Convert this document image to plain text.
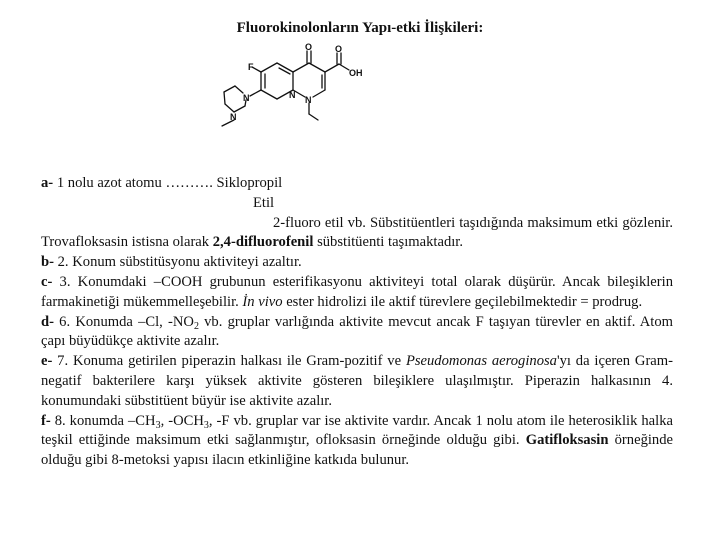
Fluorokinolonların Yapı-etki İlişkileri:
F
O	O
OH
N
N
N
N

a- 1 nolu azot atomu ………. Siklopropil

Etil

2-fluoro etil vb. Sübstitüentleri taşıdığında maksimum etki gözlenir. Trovafloksasin istisna olarak 2,4-difluorofenil sübstitüenti taşımaktadır.

b- 2. Konum sübstitüsyonu aktiviteyi azaltır.

c- 3. Konumdaki –COOH grubunun esterifikasyonu aktiviteyi total olarak düşürür. Ancak bileşiklerin farmakinetiği mükemmelleşebilir. İn vivo ester hidrolizi ile aktif türevlere geçilebilmektedir = prodrug.

d- 6. Konumda –Cl, $-NO_2$ vb. gruplar varlığında aktivite mevcut ancak F taşıyan türevler en aktif. Atom çapı büyüdükçe aktivite azalır.

e- 7. Konuma getirilen piperazin halkası ile Gram-pozitif ve Pseudomonas aeroginosa'yı da içeren Gram-negatif bakterilere karşı yüksek aktivite gösteren bileşiklere ulaşılmıştır. Piperazin halkasının 4. konumundaki sübstitüent büyür ise aktivite azalır.

f- 8. konumda $-CH_3$, $-OCH_3$, -F vb. gruplar var ise aktivite vardır. Ancak 1 nolu atom ile heterosiklik halka teşkil ettiğinde maksimum etki sağlanmıştır, ofloksasin örneğinde olduğu gibi. Gatifloksasin örneğinde olduğu gibi 8-metoksi yapısı ilacın etkinliğine katkıda bulunur.
